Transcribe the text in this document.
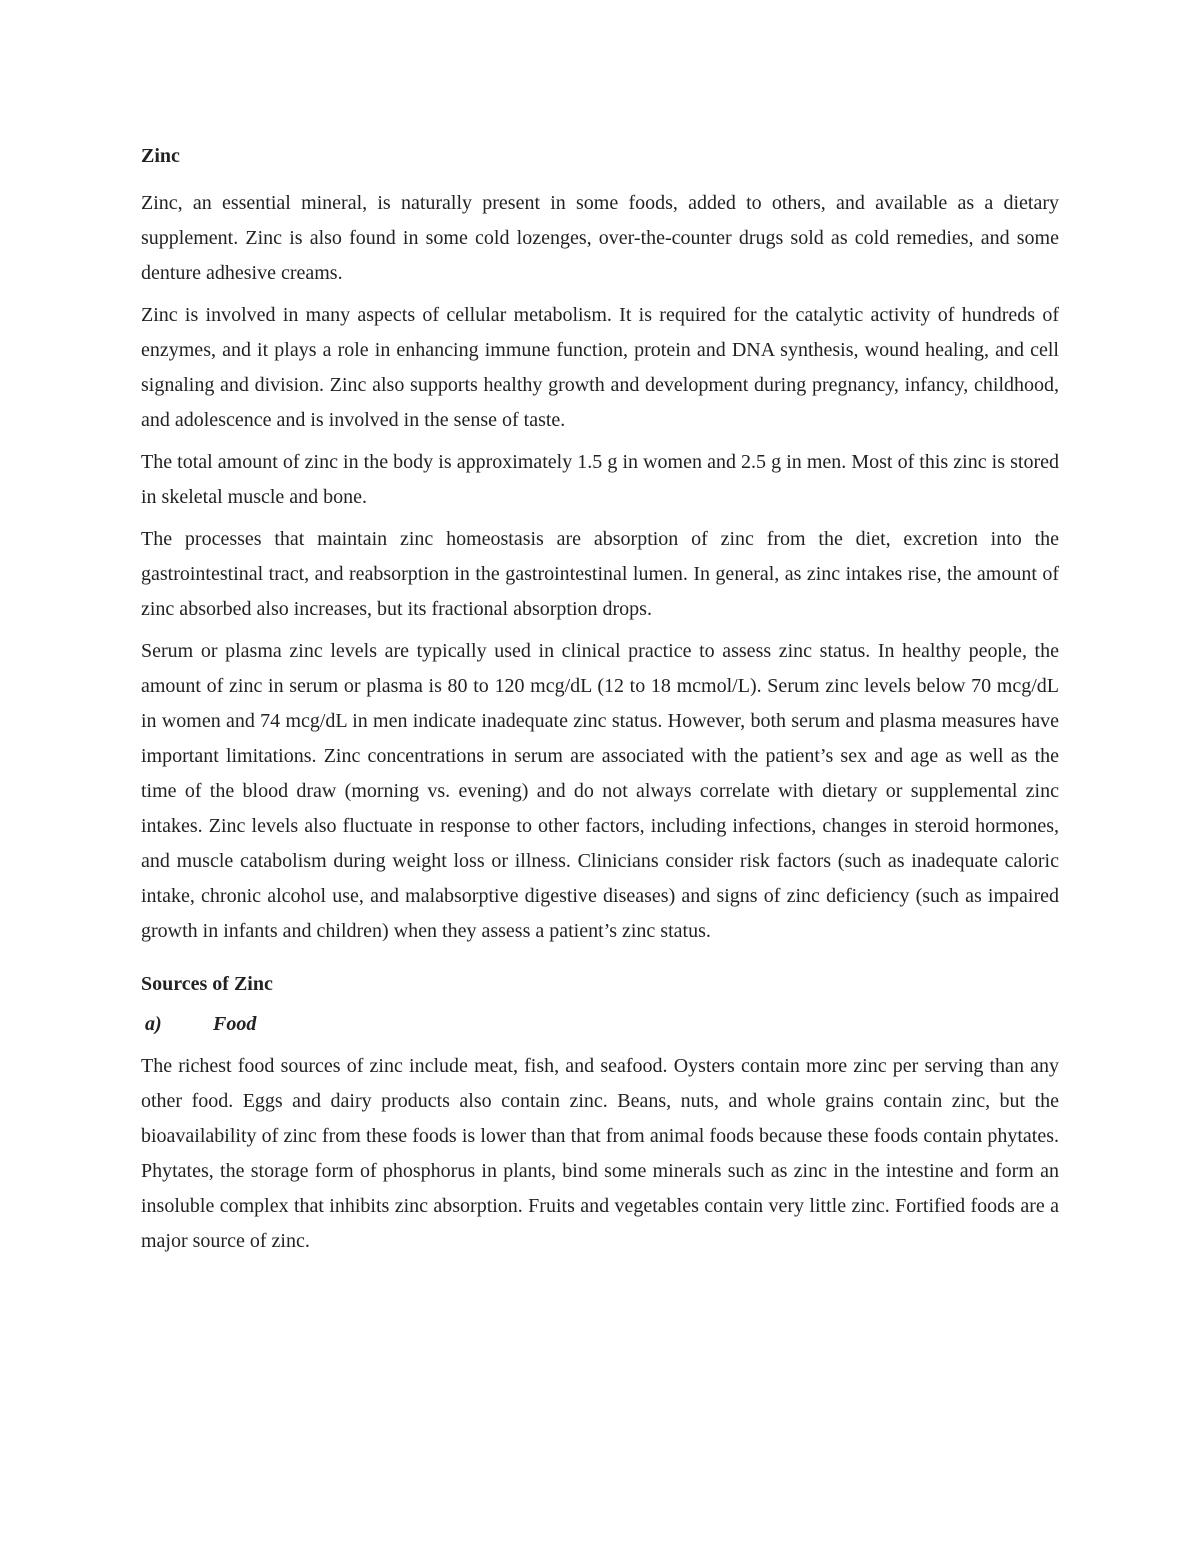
Zinc

Zinc, an essential mineral, is naturally present in some foods, added to others, and available as a dietary supplement. Zinc is also found in some cold lozenges, over-the-counter drugs sold as cold remedies, and some denture adhesive creams.

Zinc is involved in many aspects of cellular metabolism. It is required for the catalytic activity of hundreds of enzymes, and it plays a role in enhancing immune function, protein and DNA synthesis, wound healing, and cell signaling and division. Zinc also supports healthy growth and development during pregnancy, infancy, childhood, and adolescence and is involved in the sense of taste.

The total amount of zinc in the body is approximately 1.5 g in women and 2.5 g in men. Most of this zinc is stored in skeletal muscle and bone.

The processes that maintain zinc homeostasis are absorption of zinc from the diet, excretion into the gastrointestinal tract, and reabsorption in the gastrointestinal lumen. In general, as zinc intakes rise, the amount of zinc absorbed also increases, but its fractional absorption drops.

Serum or plasma zinc levels are typically used in clinical practice to assess zinc status. In healthy people, the amount of zinc in serum or plasma is 80 to 120 mcg/dL (12 to 18 mcmol/L). Serum zinc levels below 70 mcg/dL in women and 74 mcg/dL in men indicate inadequate zinc status. However, both serum and plasma measures have important limitations. Zinc concentrations in serum are associated with the patient’s sex and age as well as the time of the blood draw (morning vs. evening) and do not always correlate with dietary or supplemental zinc intakes. Zinc levels also fluctuate in response to other factors, including infections, changes in steroid hormones, and muscle catabolism during weight loss or illness. Clinicians consider risk factors (such as inadequate caloric intake, chronic alcohol use, and malabsorptive digestive diseases) and signs of zinc deficiency (such as impaired growth in infants and children) when they assess a patient’s zinc status.

Sources of Zinc
a)	Food

The richest food sources of zinc include meat, fish, and seafood. Oysters contain more zinc per serving than any other food. Eggs and dairy products also contain zinc. Beans, nuts, and whole grains contain zinc, but the bioavailability of zinc from these foods is lower than that from animal foods because these foods contain phytates. Phytates, the storage form of phosphorus in plants, bind some minerals such as zinc in the intestine and form an insoluble complex that inhibits zinc absorption. Fruits and vegetables contain very little zinc. Fortified foods are a major source of zinc.
